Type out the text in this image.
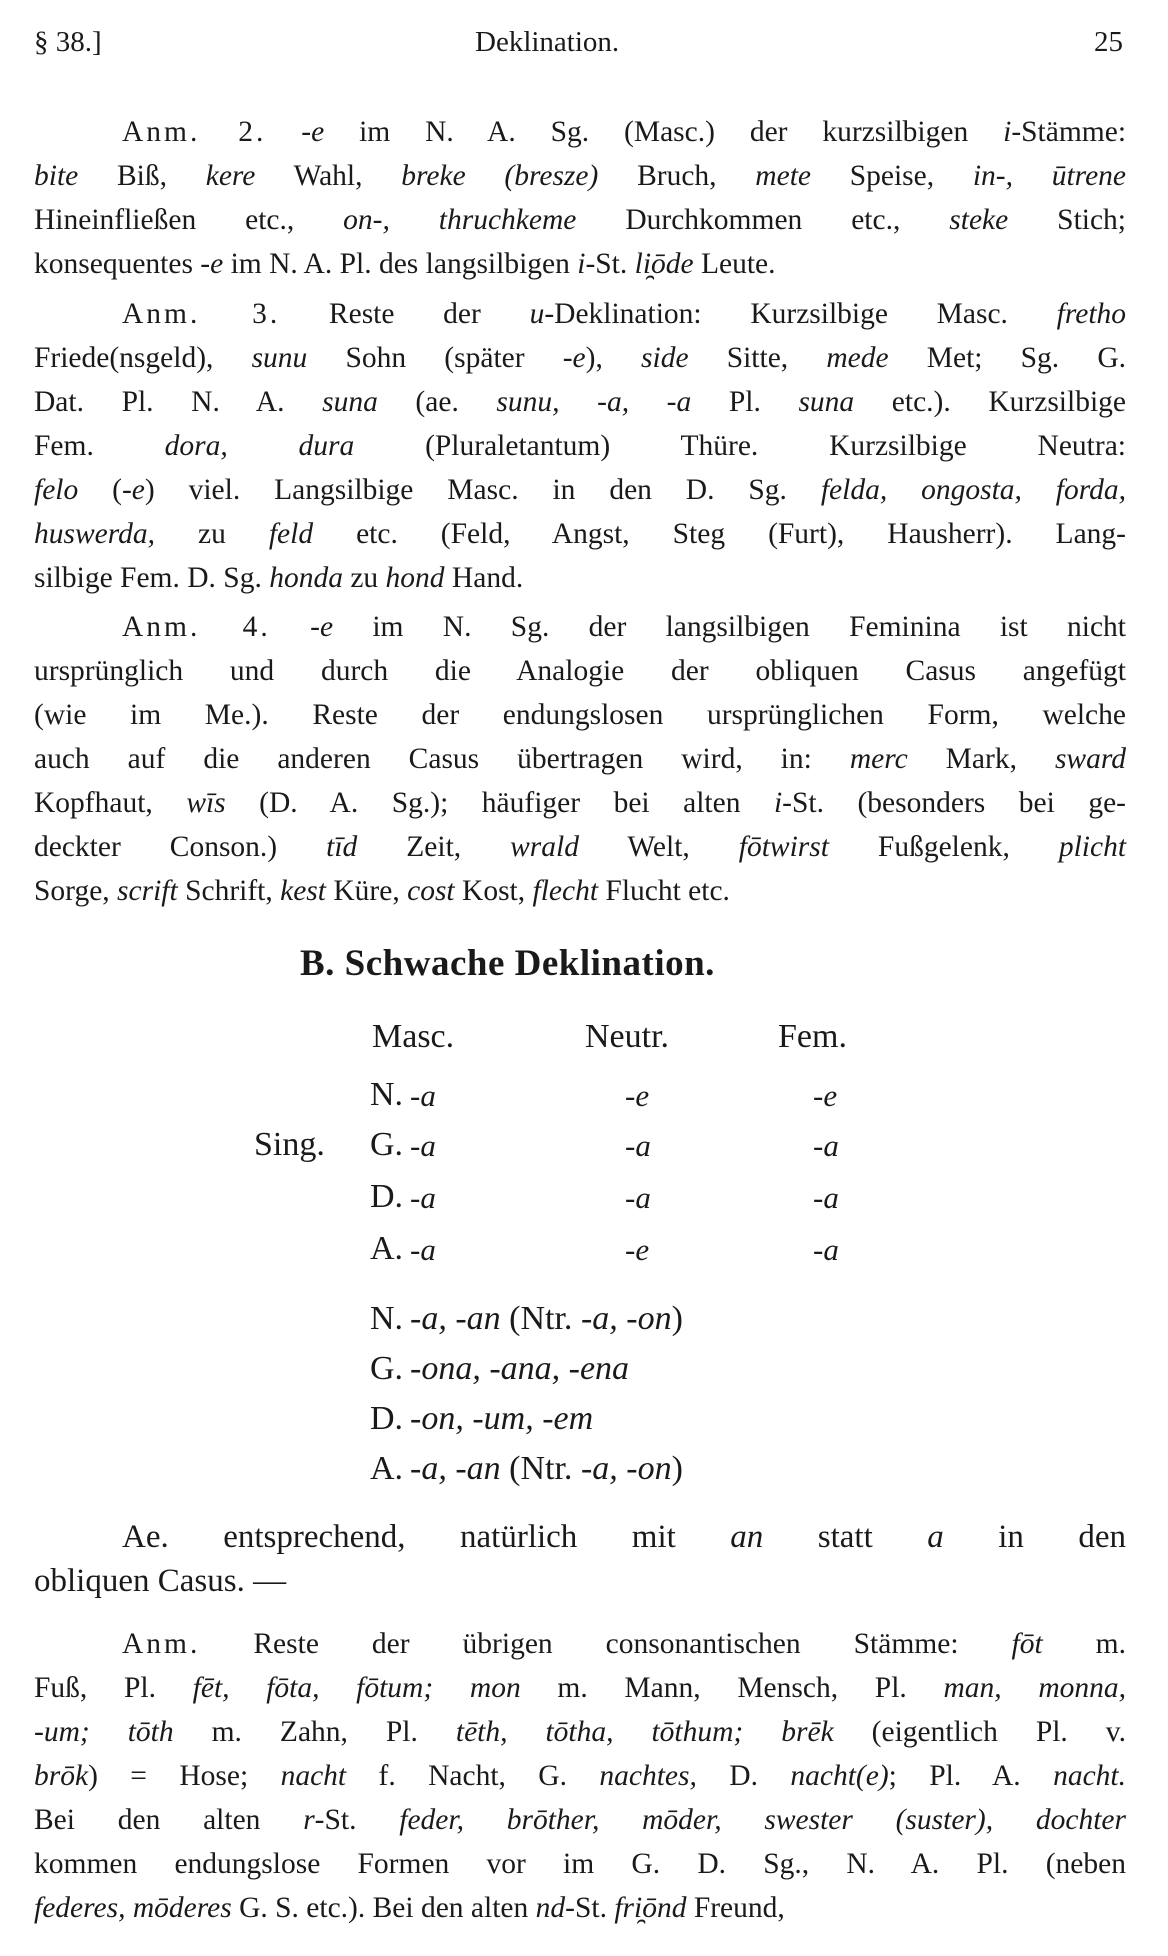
§ 38.]	Deklination.	25
Anm. 2. -e im N. A. Sg. (Masc.) der kurzsilbigen i-Stämme:
bite Biß, kere Wahl, breke (bresze) Bruch, mete Speise, in-, ūtrene
Hineinfließen etc., on-, thruchkeme Durchkommen etc., steke Stich;
konsequentes -e im N. A. Pl. des langsilbigen i-St. li̯ōde Leute.
Anm. 3. Reste der u-Deklination: Kurzsilbige Masc. fretho
Friede(nsgeld), sunu Sohn (später -e), side Sitte, mede Met; Sg. G.
Dat. Pl. N. A. suna (ae. sunu, -a, -a Pl. suna etc.). Kurzsilbige
Fem. dora, dura (Pluraletantum) Thüre. Kurzsilbige Neutra:
felo (-e) viel. Langsilbige Masc. in den D. Sg. felda, ongosta, forda,
huswerda, zu feld etc. (Feld, Angst, Steg (Furt), Hausherr). Lang-
silbige Fem. D. Sg. honda zu hond Hand.
Anm. 4. -e im N. Sg. der langsilbigen Feminina ist nicht
ursprünglich und durch die Analogie der obliquen Casus angefügt
(wie im Me.). Reste der endungslosen ursprünglichen Form, welche
auch auf die anderen Casus übertragen wird, in: merc Mark, sward
Kopfhaut, wīs (D. A. Sg.); häufiger bei alten i-St. (besonders bei ge-
deckter Conson.) tīd Zeit, wrald Welt, fōtwirst Fußgelenk, plicht
Sorge, scrift Schrift, kest Küre, cost Kost, flecht Flucht etc.
B. Schwache Deklination.
Masc.	Neutr.	Fem.
Sing.
N. -a	-e	-e
G. -a	-a	-a
D. -a	-a	-a
A. -a	-e	-a
N. -a, -an (Ntr. -a, -on)
G. -ona, -ana, -ena
D. -on, -um, -em
A. -a, -an (Ntr. -a, -on)
Ae. entsprechend, natürlich mit an statt a in den
obliquen Casus. —
Anm. Reste der übrigen consonantischen Stämme: fōt m.
Fuß, Pl. fēt, fōta, fōtum; mon m. Mann, Mensch, Pl. man, monna,
-um; tōth m. Zahn, Pl. tēth, tōtha, tōthum; brēk (eigentlich Pl. v.
brōk) = Hose; nacht f. Nacht, G. nachtes, D. nacht(e); Pl. A. nacht.
Bei den alten r-St. feder, brōther, mōder, swester (suster), dochter
kommen endungslose Formen vor im G. D. Sg., N. A. Pl. (neben
federes, mōderes G. S. etc.). Bei den alten nd-St. fri̯ōnd Freund,
